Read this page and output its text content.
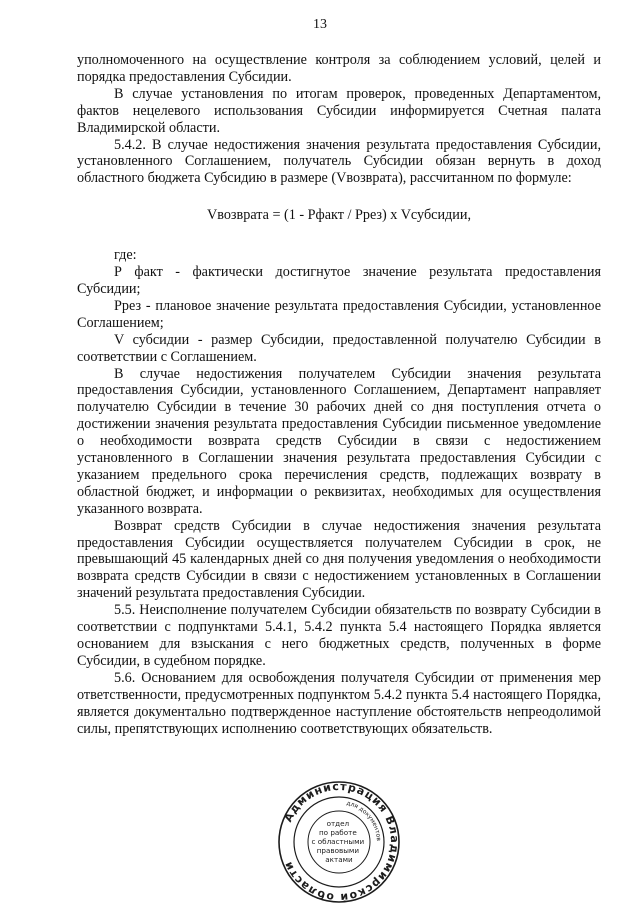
13

уполномоченного на осуществление контроля за соблюдением условий, целей и порядка предоставления Субсидии.

В случае установления по итогам проверок, проведенных Департаментом, фактов нецелевого использования Субсидии информируется Счетная палата Владимирской области.

5.4.2. В случае недостижения значения результата предоставления Субсидии, установленного Соглашением, получатель Субсидии обязан вернуть в доход областного бюджета Субсидию в размере (Vвозврата), рассчитанном по формуле:

Vвозврата = (1 - Рфакт / Ррез) x Vсубсидии,

где:

Р факт - фактически достигнутое значение результата предоставления Субсидии;

Ррез - плановое значение результата предоставления Субсидии, установленное Соглашением;

V субсидии - размер Субсидии, предоставленной получателю Субсидии в соответствии с Соглашением.

В случае недостижения получателем Субсидии значения результата предоставления Субсидии, установленного Соглашением, Департамент направляет получателю Субсидии в течение 30 рабочих дней со дня поступления отчета о достижении значения результата предоставления Субсидии письменное уведомление о необходимости возврата средств Субсидии в связи с недостижением установленного в Соглашении значения результата предоставления Субсидии с указанием предельного срока перечисления средств, подлежащих возврату в областной бюджет, и информации о реквизитах, необходимых для осуществления указанного возврата.

Возврат средств Субсидии в случае недостижения значения результата предоставления Субсидии осуществляется получателем Субсидии в срок, не превышающий 45 календарных дней со дня получения уведомления о необходимости возврата средств Субсидии в связи с недостижением установленных в Соглашении значений результата предоставления Субсидии.

5.5. Неисполнение получателем Субсидии обязательств по возврату Субсидии в соответствии с подпунктами 5.4.1, 5.4.2 пункта 5.4 настоящего Порядка является основанием для взыскания с него бюджетных средств, полученных в форме Субсидии, в судебном порядке.

5.6. Основанием для освобождения получателя Субсидии от применения мер ответственности, предусмотренных подпунктом 5.4.2 пункта 5.4 настоящего Порядка, является документально подтвержденное наступление обстоятельств непреодолимой силы, препятствующих исполнению соответствующих обязательств.

Администрация Владимирской области
для документов
отдел по работе с областными правовыми актами
